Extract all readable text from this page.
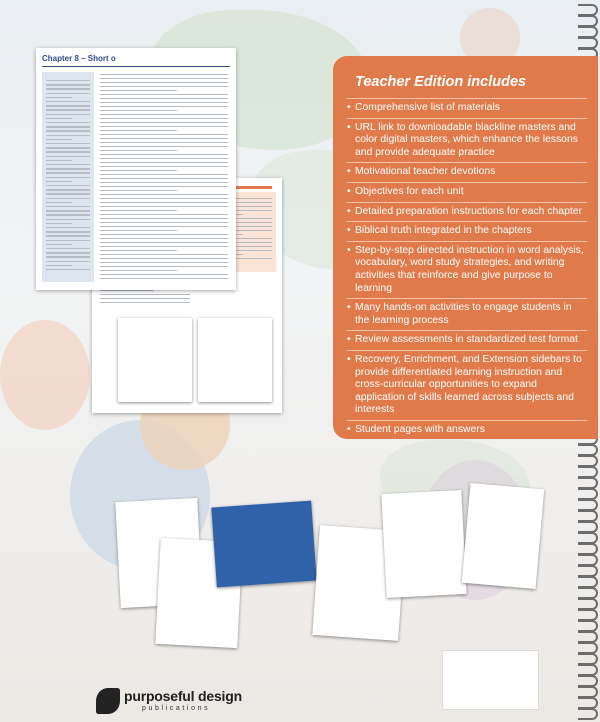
Chapter 8 – Short o
Teacher Edition includes
• Comprehensive list of materials
• URL link to downloadable blackline masters and color digital masters, which enhance the lessons and provide adequate practice
• Motivational teacher devotions
• Objectives for each unit
• Detailed preparation instructions for each chapter
• Biblical truth integrated in the chapters
• Step-by-step directed instruction in word analysis, vocabulary, word study strategies, and writing activities that reinforce and give purpose to learning
• Many hands-on activities to engage students in the learning process
• Review assessments in standardized test format
• Recovery, Enrichment, and Extension sidebars to provide differentiated learning instruction and cross-curricular opportunities to expand application of skills learned across subjects and interests
• Student pages with answers
purposeful design
publications
